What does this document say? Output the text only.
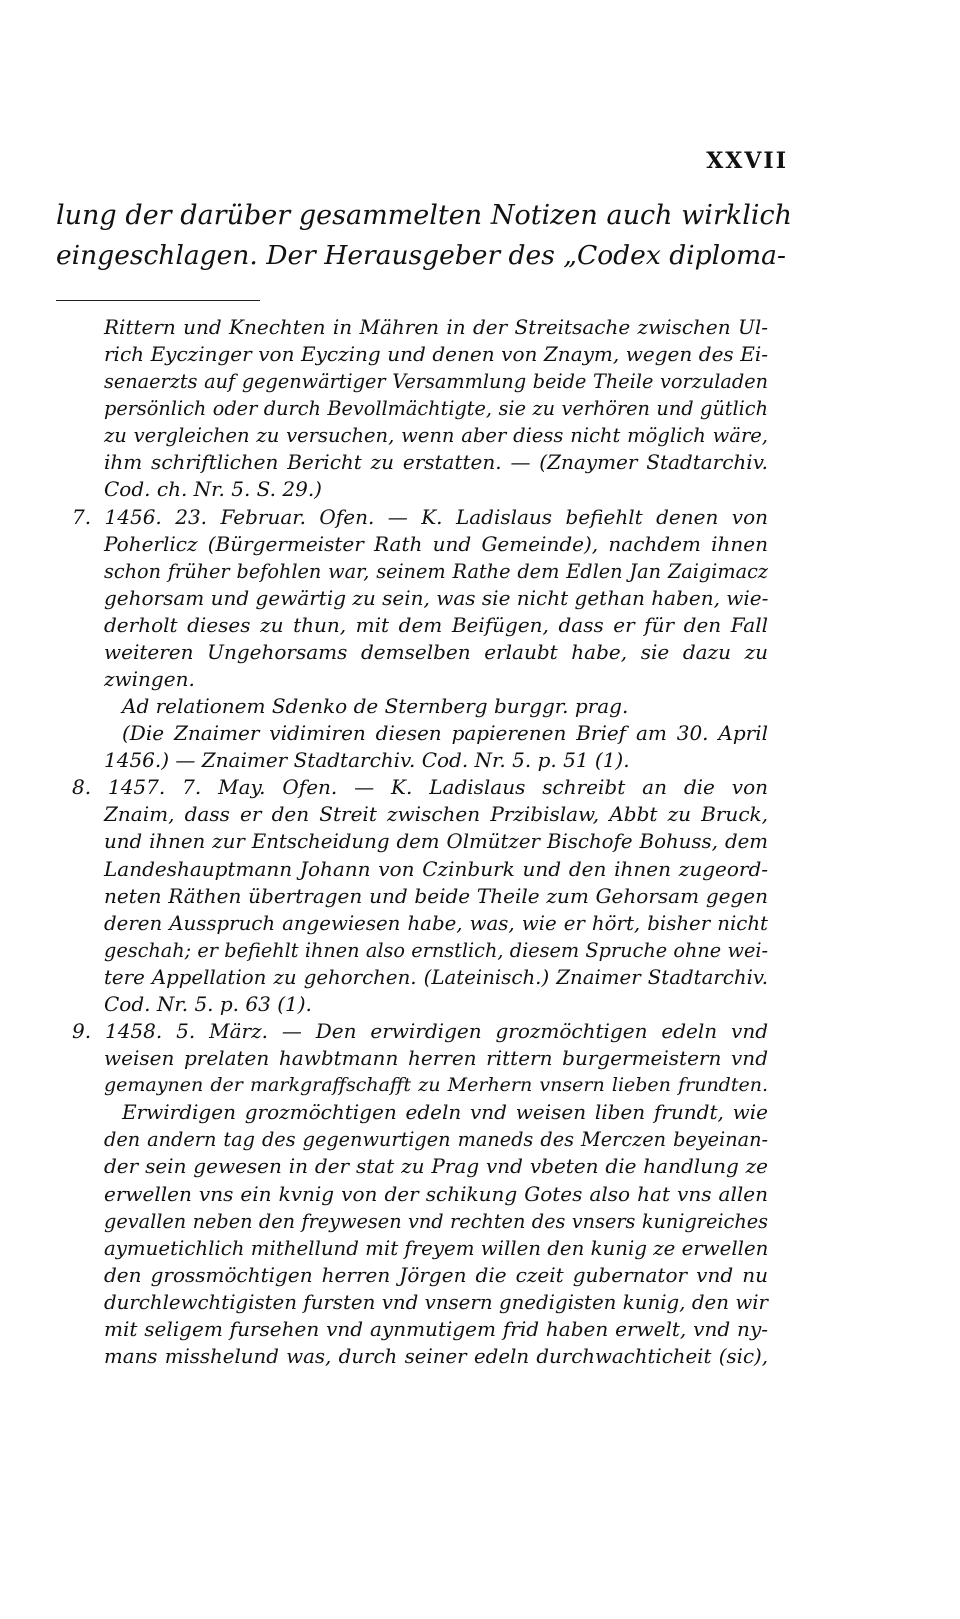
XXVII
lung der darüber gesammelten Notizen auch wirklich
eingeschlagen. Der Herausgeber des „Codex diploma-
Rittern und Knechten in Mähren in der Streitsache zwischen Ul-
rich Eyczinger von Eyczing und denen von Znaym, wegen des Ei-
senaerzts auf gegenwärtiger Versammlung beide Theile vorzuladen
persönlich oder durch Bevollmächtigte, sie zu verhören und gütlich
zu vergleichen zu versuchen, wenn aber diess nicht möglich wäre,
ihm schriftlichen Bericht zu erstatten. — (Znaymer Stadtarchiv.
Cod. ch. Nr. 5. S. 29.)
7. 1456. 23. Februar. Ofen. — K. Ladislaus befiehlt denen von
Poherlicz (Bürgermeister Rath und Gemeinde), nachdem ihnen
schon früher befohlen war, seinem Rathe dem Edlen Jan Zaigimacz
gehorsam und gewärtig zu sein, was sie nicht gethan haben, wie-
derholt dieses zu thun, mit dem Beifügen, dass er für den Fall
weiteren Ungehorsams demselben erlaubt habe, sie dazu zu
zwingen.
Ad relationem Sdenko de Sternberg burggr. prag.
(Die Znaimer vidimiren diesen papierenen Brief am 30. April
1456.) — Znaimer Stadtarchiv. Cod. Nr. 5. p. 51 (1).
8. 1457. 7. May. Ofen. — K. Ladislaus schreibt an die von
Znaim, dass er den Streit zwischen Przibislaw, Abbt zu Bruck,
und ihnen zur Entscheidung dem Olmützer Bischofe Bohuss, dem
Landeshauptmann Johann von Czinburk und den ihnen zugeord-
neten Räthen übertragen und beide Theile zum Gehorsam gegen
deren Ausspruch angewiesen habe, was, wie er hört, bisher nicht
geschah; er befiehlt ihnen also ernstlich, diesem Spruche ohne wei-
tere Appellation zu gehorchen. (Lateinisch.) Znaimer Stadtarchiv.
Cod. Nr. 5. p. 63 (1).
9. 1458. 5. März. — Den erwirdigen grozmöchtigen edeln vnd
weisen prelaten hawbtmann herren rittern burgermeistern vnd
gemaynen der markgraffschafft zu Merhern vnsern lieben frundten.
Erwirdigen grozmöchtigen edeln vnd weisen liben frundt, wie
den andern tag des gegenwurtigen maneds des Merczen beyeinan-
der sein gewesen in der stat zu Prag vnd vbeten die handlung ze
erwellen vns ein kvnig von der schikung Gotes also hat vns allen
gevallen neben den freywesen vnd rechten des vnsers kunigreiches
aymuetichlich mithellund mit freyem willen den kunig ze erwellen
den grossmöchtigen herren Jörgen die czeit gubernator vnd nu
durchlewchtigisten fursten vnd vnsern gnedigisten kunig, den wir
mit seligem fursehen vnd aynmutigem frid haben erwelt, vnd ny-
mans misshelund was, durch seiner edeln durchwachticheit (sic),
